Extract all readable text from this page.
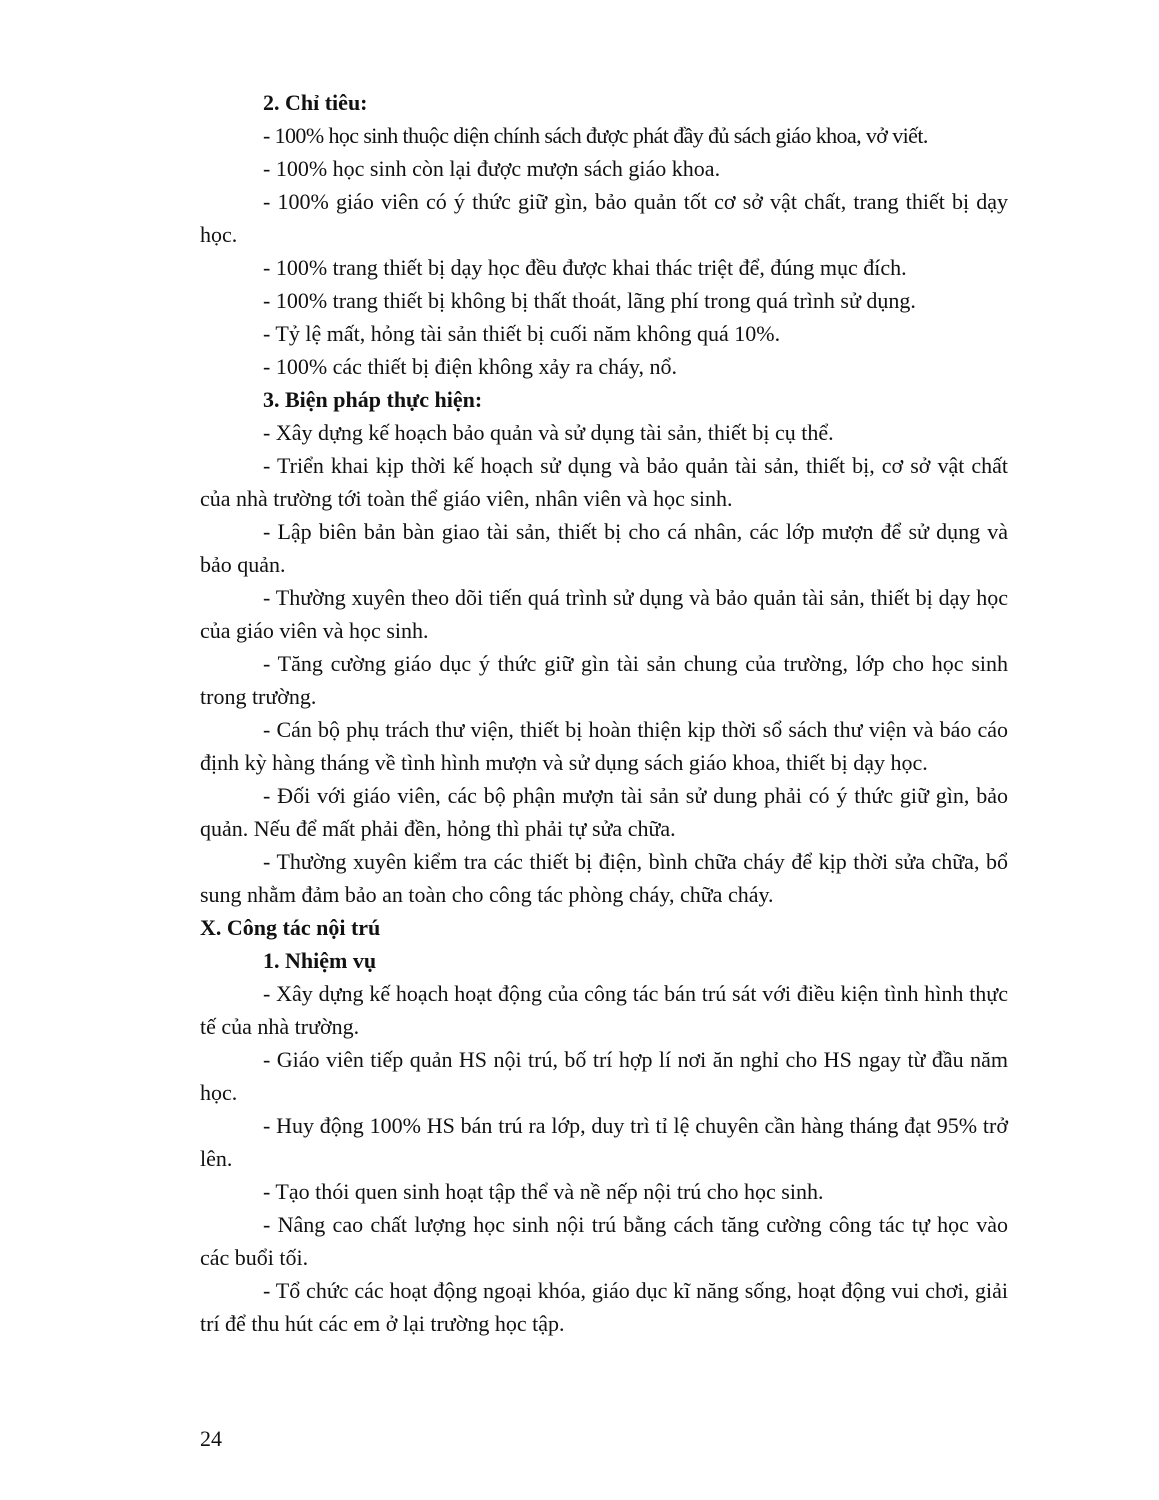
2. Chỉ tiêu:

- 100% học sinh thuộc diện chính sách được phát đầy đủ sách giáo khoa, vở viết.

- 100% học sinh còn lại được mượn sách giáo khoa.

- 100% giáo viên có ý thức giữ gìn, bảo quản tốt cơ sở vật chất, trang thiết bị dạy học.

- 100% trang thiết bị dạy học đều được khai thác triệt để, đúng mục đích.

- 100% trang thiết bị không bị thất thoát, lãng phí trong quá trình sử dụng.

- Tỷ lệ mất, hỏng tài sản thiết bị cuối năm không quá 10%.

- 100% các thiết bị điện không xảy ra cháy, nổ.

3. Biện pháp thực hiện:

- Xây dựng kế hoạch bảo quản và sử dụng tài sản, thiết bị cụ thể.

- Triển khai kịp thời kế hoạch sử dụng và bảo quản tài sản, thiết bị, cơ sở vật chất của nhà trường tới toàn thể giáo viên, nhân viên và học sinh.

- Lập biên bản bàn giao tài sản, thiết bị cho cá nhân, các lớp mượn để sử dụng và bảo quản.

- Thường xuyên theo dõi tiến quá trình sử dụng và bảo quản tài sản, thiết bị dạy học của giáo viên và học sinh.

- Tăng cường giáo dục ý thức giữ gìn tài sản chung của trường, lớp cho học sinh trong trường.

- Cán bộ phụ trách thư viện, thiết bị hoàn thiện kịp thời sổ sách thư viện và báo cáo định kỳ hàng tháng về tình hình mượn và sử dụng sách giáo khoa, thiết bị dạy học.

- Đối với giáo viên, các bộ phận mượn tài sản sử dung phải có ý thức giữ gìn, bảo quản. Nếu để mất phải đền, hỏng thì phải tự sửa chữa.

- Thường xuyên kiểm tra các thiết bị điện, bình chữa cháy để kịp thời sửa chữa, bổ sung nhằm đảm bảo an toàn cho công tác phòng cháy, chữa cháy.

X. Công tác nội trú

1. Nhiệm vụ

- Xây dựng kế hoạch hoạt động của công tác bán trú sát với điều kiện tình hình thực tế của nhà trường.

- Giáo viên tiếp quản HS nội trú, bố trí hợp lí nơi ăn nghỉ cho HS ngay từ đầu năm học.

- Huy động 100% HS bán trú ra lớp, duy trì tỉ lệ chuyên cần hàng tháng đạt 95% trở lên.

- Tạo thói quen sinh hoạt tập thể và nề nếp nội trú cho học sinh.

- Nâng cao chất lượng học sinh nội trú bằng cách tăng cường công tác tự học vào các buổi tối.

- Tổ chức các hoạt động ngoại khóa, giáo dục kĩ năng sống, hoạt động vui chơi, giải trí để thu hút các em ở lại trường học tập.

24
